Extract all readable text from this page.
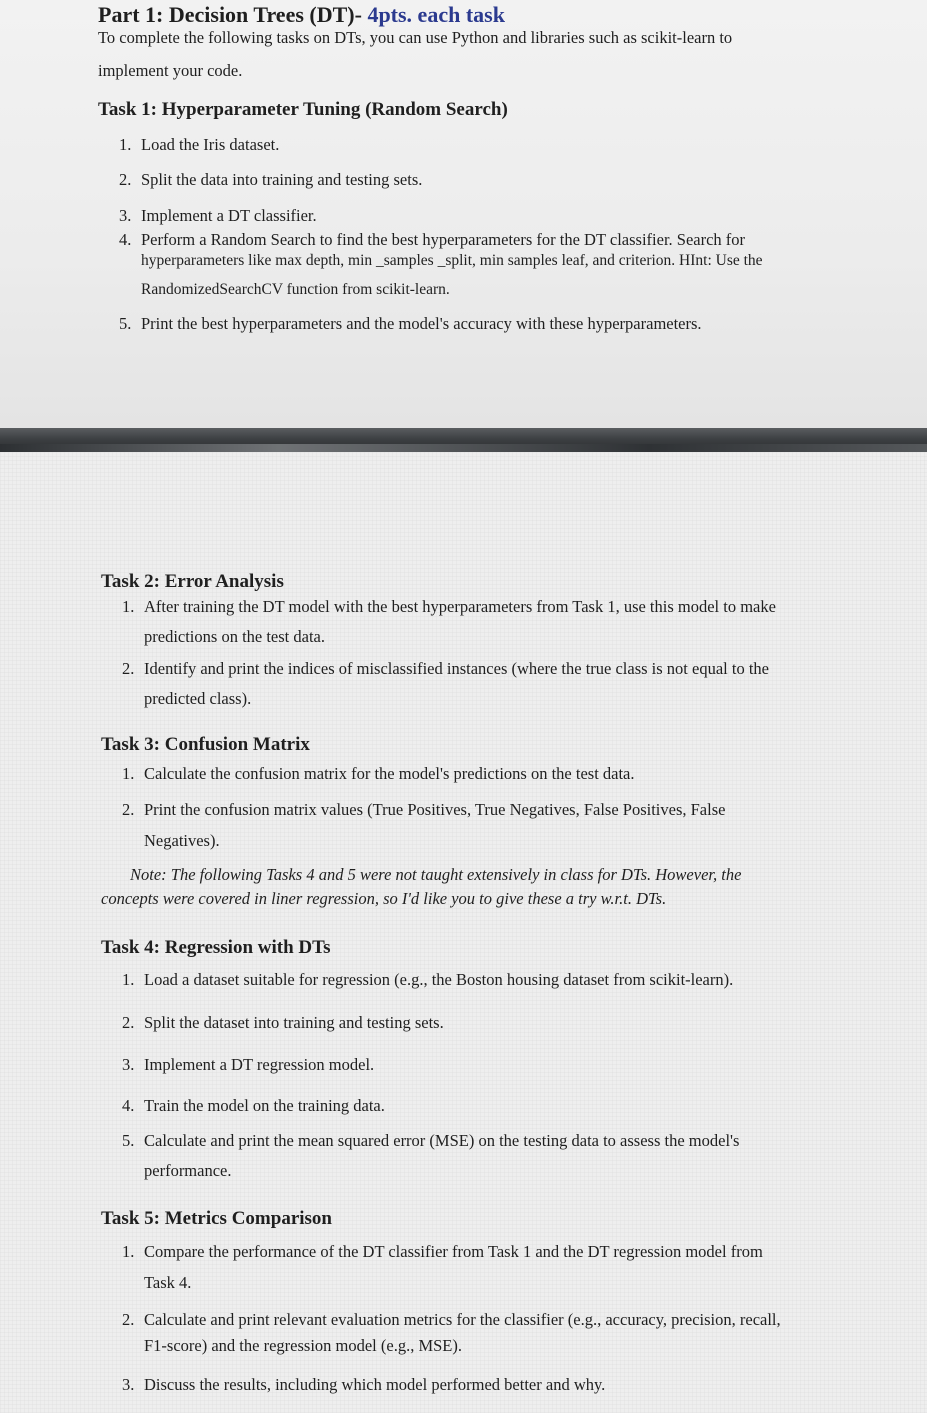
Part 1: Decision Trees (DT)- 4pts. each task
To complete the following tasks on DTs, you can use Python and libraries such as scikit-learn to
implement your code.
Task 1: Hyperparameter Tuning (Random Search)
1. Load the Iris dataset.
2. Split the data into training and testing sets.
3. Implement a DT classifier.
4. Perform a Random Search to find the best hyperparameters for the DT classifier. Search for
hyperparameters like max depth, min _samples _split, min samples leaf, and criterion. HInt: Use the
RandomizedSearchCV function from scikit-learn.
5. Print the best hyperparameters and the model's accuracy with these hyperparameters.
Task 2: Error Analysis
1. After training the DT model with the best hyperparameters from Task 1, use this model to make
predictions on the test data.
2. Identify and print the indices of misclassified instances (where the true class is not equal to the
predicted class).
Task 3: Confusion Matrix
1. Calculate the confusion matrix for the model's predictions on the test data.
2. Print the confusion matrix values (True Positives, True Negatives, False Positives, False
Negatives).
Note: The following Tasks 4 and 5 were not taught extensively in class for DTs. However, the
concepts were covered in liner regression, so I'd like you to give these a try w.r.t. DTs.
Task 4: Regression with DTs
1. Load a dataset suitable for regression (e.g., the Boston housing dataset from scikit-learn).
2. Split the dataset into training and testing sets.
3. Implement a DT regression model.
4. Train the model on the training data.
5. Calculate and print the mean squared error (MSE) on the testing data to assess the model's
performance.
Task 5: Metrics Comparison
1. Compare the performance of the DT classifier from Task 1 and the DT regression model from
Task 4.
2. Calculate and print relevant evaluation metrics for the classifier (e.g., accuracy, precision, recall,
F1-score) and the regression model (e.g., MSE).
3. Discuss the results, including which model performed better and why.
